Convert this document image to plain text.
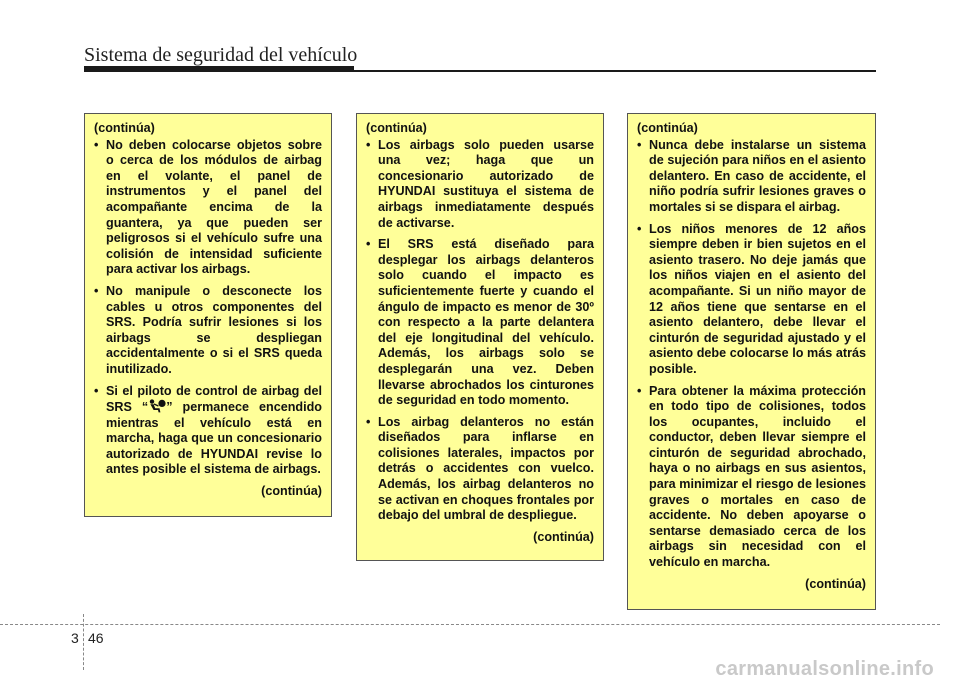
Sistema de seguridad del vehículo
(continúa)
• No deben colocarse objetos sobre o cerca de los módulos de airbag en el volante, el panel de instrumentos y el panel del acompañante encima de la guantera, ya que pueden ser peligrosos si el vehículo sufre una colisión de intensidad suficiente para activar los airbags.
• No manipule o desconecte los cables u otros componentes del SRS. Podría sufrir lesiones si los airbags se despliegan accidentalmente o si el SRS queda inutilizado.
• Si el piloto de control de airbag del SRS “ ” permanece encendido mientras el vehículo está en marcha, haga que un concesionario autorizado de HYUNDAI revise lo antes posible el sistema de airbags.
(continúa)
(continúa)
• Los airbags solo pueden usarse una vez; haga que un concesionario autorizado de HYUNDAI sustituya el sistema de airbags inmediatamente después de activarse.
• El SRS está diseñado para desplegar los airbags delanteros solo cuando el impacto es suficientemente fuerte y cuando el ángulo de impacto es menor de 30º con respecto a la parte delantera del eje longitudinal del vehículo. Además, los airbags solo se desplegarán una vez. Deben llevarse abrochados los cinturones de seguridad en todo momento.
• Los airbag delanteros no están diseñados para inflarse en colisiones laterales, impactos por detrás o accidentes con vuelco. Además, los airbag delanteros no se activan en choques frontales por debajo del umbral de despliegue.
(continúa)
(continúa)
• Nunca debe instalarse un sistema de sujeción para niños en el asiento delantero. En caso de accidente, el niño podría sufrir lesiones graves o mortales si se dispara el airbag.
• Los niños menores de 12 años siempre deben ir bien sujetos en el asiento trasero. No deje jamás que los niños viajen en el asiento del acompañante. Si un niño mayor de 12 años tiene que sentarse en el asiento delantero, debe llevar el cinturón de seguridad ajustado y el asiento debe colocarse lo más atrás posible.
• Para obtener la máxima protección en todo tipo de colisiones, todos los ocupantes, incluido el conductor, deben llevar siempre el cinturón de seguridad abrochado, haya o no airbags en sus asientos, para minimizar el riesgo de lesiones graves o mortales en caso de accidente. No deben apoyarse o sentarse demasiado cerca de los airbags sin necesidad con el vehículo en marcha.
(continúa)
3 46
carmanualsonline.info
